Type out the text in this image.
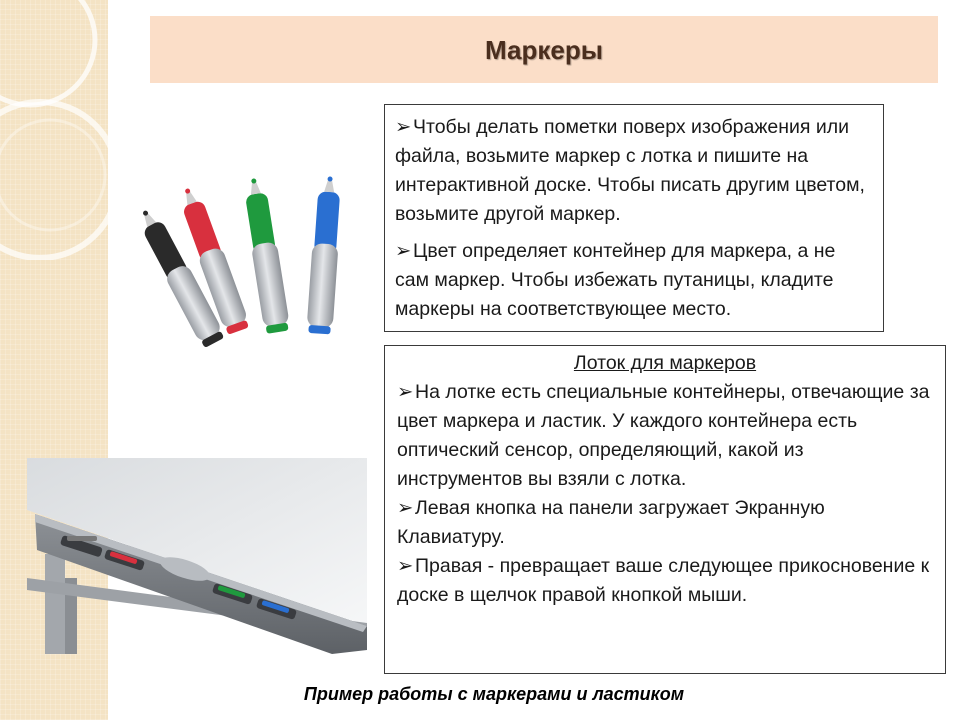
Маркеры

➢Чтобы делать пометки поверх изображения или файла, возьмите маркер с лотка и пишите на интерактивной доске. Чтобы писать другим цветом, возьмите другой маркер.

➢Цвет определяет контейнер для маркера, а не сам маркер. Чтобы избежать путаницы, кладите маркеры на соответствующее место.

Лоток для маркеров

➢На лотке есть специальные контейнеры, отвечающие за цвет маркера и ластик. У каждого контейнера есть оптический сенсор, определяющий, какой из инструментов вы взяли с лотка.

➢Левая кнопка на панели загружает Экранную Клавиатуру.

➢Правая - превращает ваше следующее прикосновение к доске в щелчок правой кнопкой мыши.

Пример работы с маркерами и ластиком
